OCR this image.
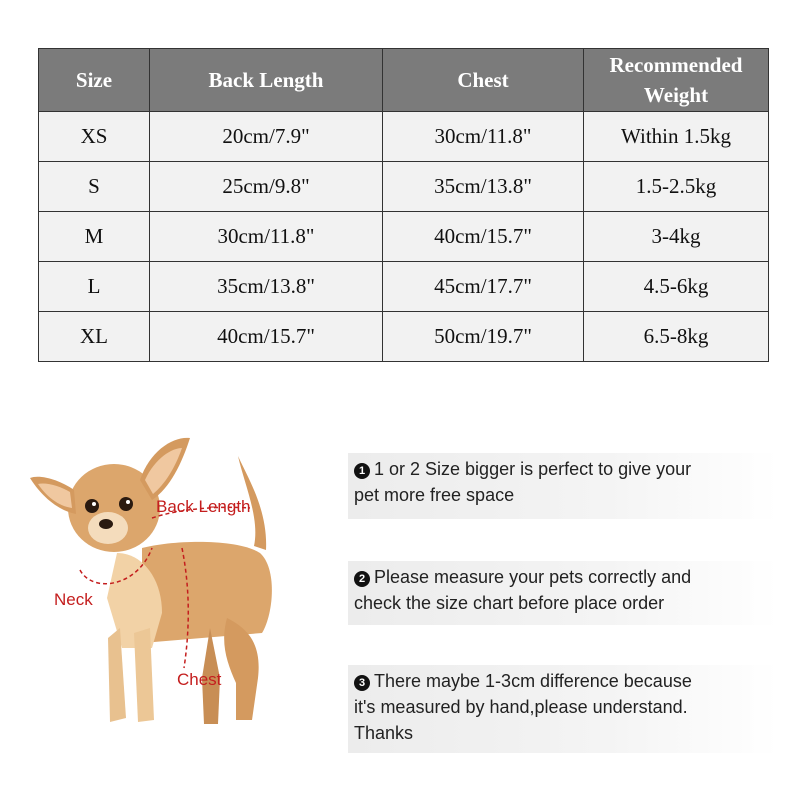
Size	Back Length	Chest	Recommended
Weight
XS	20cm/7.9"	30cm/11.8"	Within 1.5kg
S	25cm/9.8"	35cm/13.8"	1.5-2.5kg
M	30cm/11.8"	40cm/15.7"	3-4kg
L	35cm/13.8"	45cm/17.7"	4.5-6kg
XL	40cm/15.7"	50cm/19.7"	6.5-8kg
Back Length
Neck
Chest
1 1 or 2 Size bigger is perfect to give your
pet more free space
2 Please measure your pets correctly and
check the size chart before place order
3 There maybe 1-3cm difference because
it's measured by hand,please understand.
Thanks
